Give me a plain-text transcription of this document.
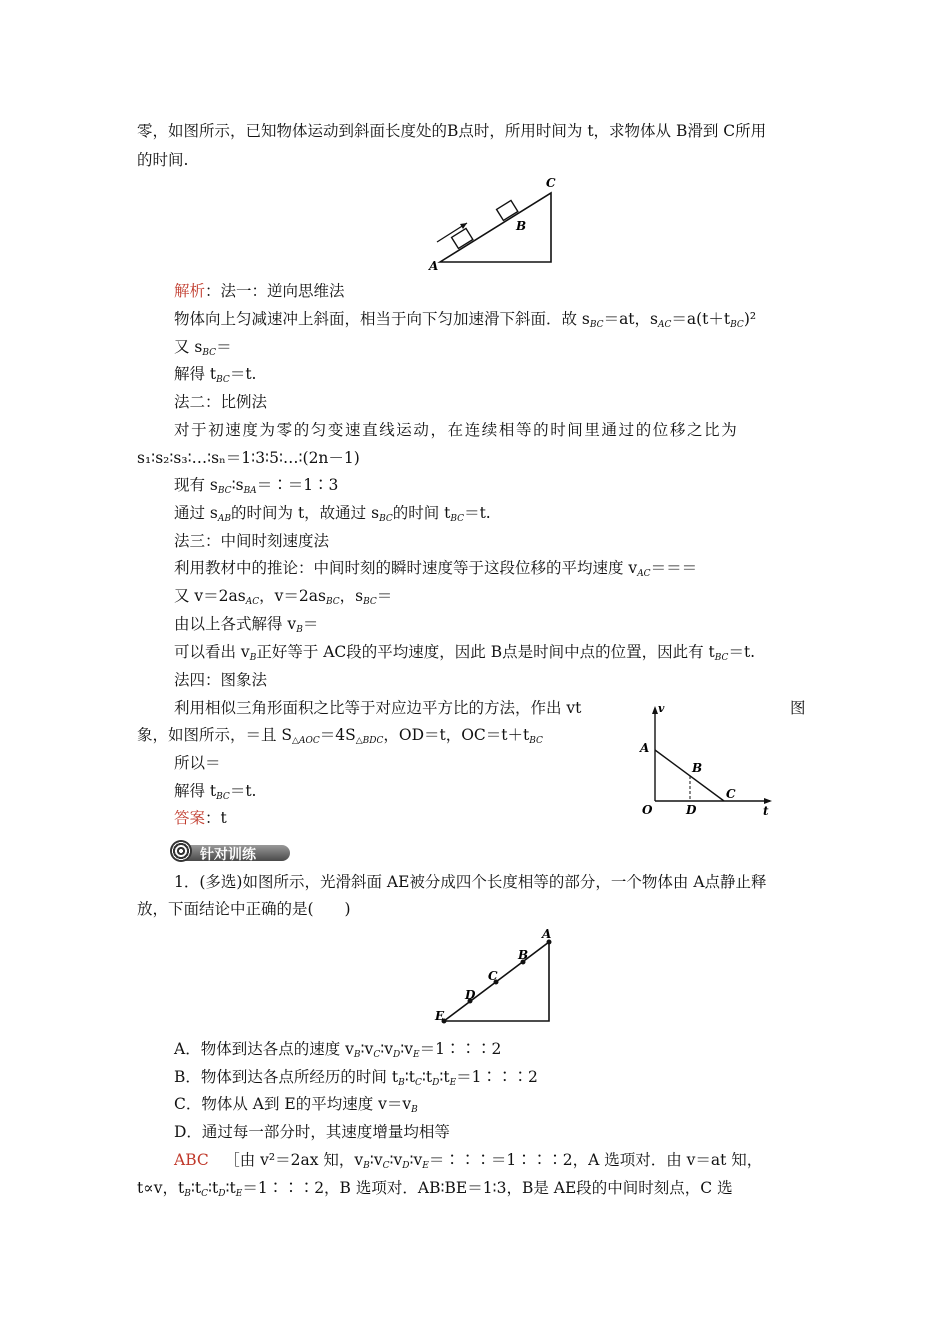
零，如图所示，已知物体运动到斜面长度处的B点时，所用时间为 t，求物体从 B滑到 C所用
的时间.
A
B
C
解析：法一：逆向思维法
物体向上匀减速冲上斜面，相当于向下匀加速滑下斜面．故 $s_{BC}=at$，$s_{AC}=a(t+t_{BC})^2$
又 $s_{BC}=$
解得 $t_{BC}=t$.
法二：比例法
对于初速度为零的匀变速直线运动，在连续相等的时间里通过的位移之比为
s₁∶s₂∶s₃∶…∶sₙ＝1∶3∶5∶…∶(2n－1)
现有 $s_{BC}∶s_{BA}=∶=1∶3$
通过 $s_{AB}$的时间为 t，故通过 $s_{BC}$的时间 $t_{BC}=t$.
法三：中间时刻速度法
利用教材中的推论：中间时刻的瞬时速度等于这段位移的平均速度 $v_{AC}===$
又 $v=2as_{AC}$，$v=2as_{BC}$，$s_{BC}=$
由以上各式解得 $v_B=$
可以看出 $v_B$正好等于 AC段的平均速度，因此 B点是时间中点的位置，因此有 $t_{BC}=t$.
法四：图象法
利用相似三角形面积之比等于对应边平方比的方法，作出 vt	图
象，如图所示，＝且 $S_{\triangle AOC}=4S_{\triangle BDC}$，OD＝t，$OC=t+t_{BC}$
所以＝
解得 $t_{BC}=t$.
答案：t
v
A
B
C
O	D	t
针对训练
1．(多选)如图所示，光滑斜面 AE被分成四个长度相等的部分，一个物体由 A点静止释
放，下面结论中正确的是(　　)
A
B
C
D
E
A．物体到达各点的速度 $v_B∶v_C∶v_D∶v_E=1∶∶∶2$
B．物体到达各点所经历的时间 $t_B∶t_C∶t_D∶t_E=1∶∶∶2$
C．物体从 A到 E的平均速度 $v=v_B$
D．通过每一部分时，其速度增量均相等
ABC  ［由 v²＝2ax 知，$v_B∶v_C∶v_D∶v_E=∶∶∶=1∶∶∶2$，A 选项对．由 v＝at 知，
t∝v，$t_B∶t_C∶t_D∶t_E=1∶∶∶2$，B 选项对．AB∶BE＝1∶3，B是 AE段的中间时刻点，C 选
